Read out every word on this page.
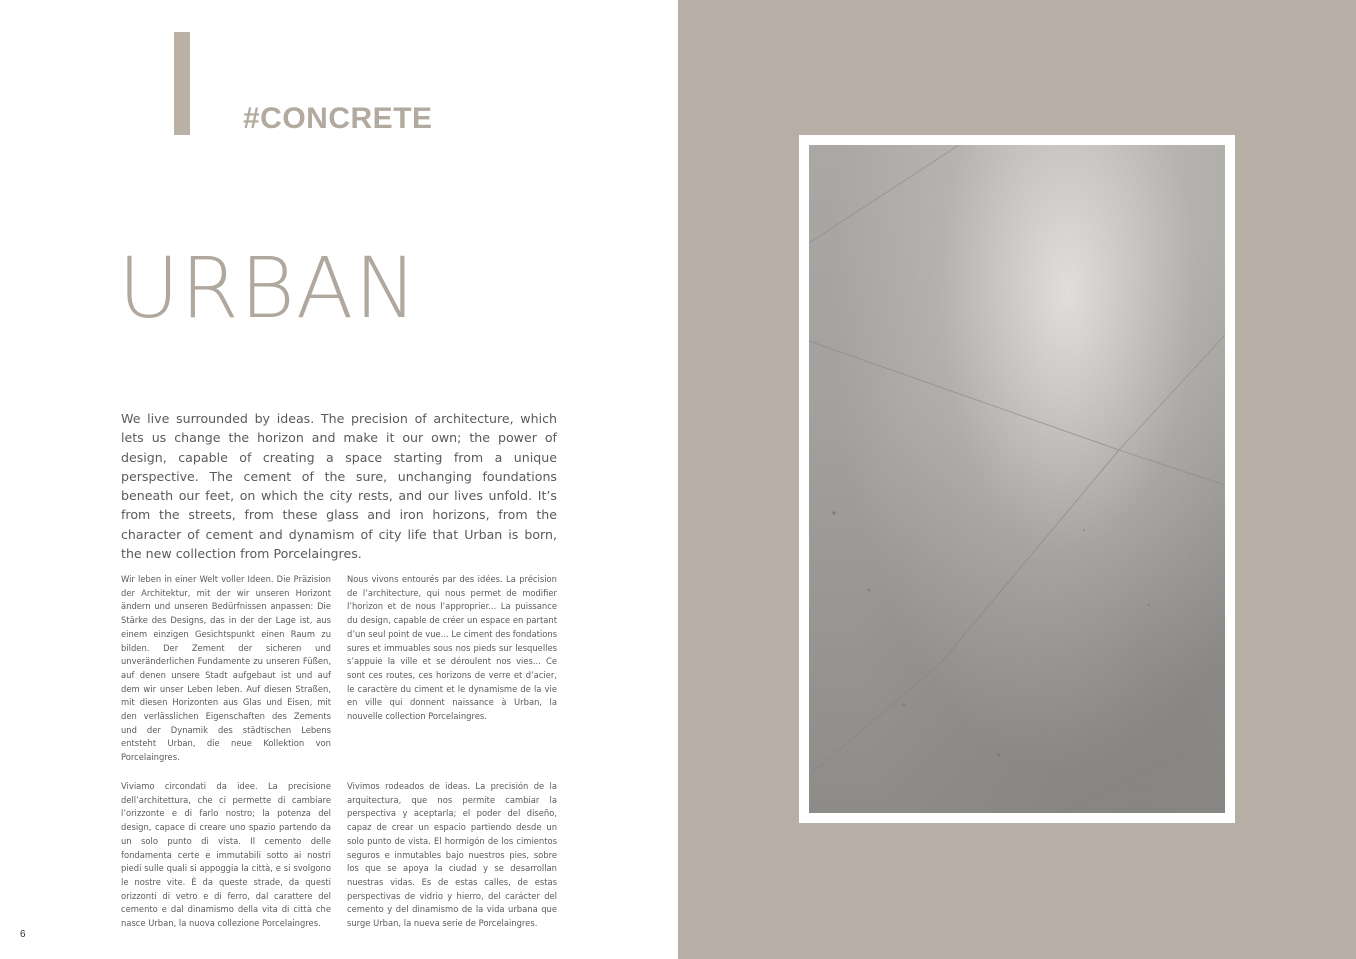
#CONCRETE
URBAN

We live surrounded by ideas. The precision of architecture, which lets us change the horizon and make it our own; the power of design, capable of creating a space starting from a unique perspective. The cement of the sure, unchanging foundations beneath our feet, on which the city rests, and our lives unfold. It’s from the streets, from these glass and iron horizons, from the character of cement and dynamism of city life that Urban is born, the new collection from Porcelaingres.

Wir leben in einer Welt voller Ideen. Die Präzision der Architektur, mit der wir unseren Horizont ändern und unseren Bedürfnissen anpassen: Die Stärke des Designs, das in der der Lage ist, aus einem einzigen Gesichtspunkt einen Raum zu bilden. Der Zement der sicheren und unveränderlichen Fundamente zu unseren Füßen, auf denen unsere Stadt aufgebaut ist und auf dem wir unser Leben leben. Auf diesen Straßen, mit diesen Horizonten aus Glas und Eisen, mit den verlässlichen Eigenschaften des Zements und der Dynamik des städtischen Lebens entsteht Urban, die neue Kollektion von Porcelaingres.

Nous vivons entourés par des idées. La précision de l’architecture, qui nous permet de modifier l’horizon et de nous l’approprier... La puissance du design, capable de créer un espace en partant d’un seul point de vue... Le ciment des fondations sures et immuables sous nos pieds sur lesquelles s’appuie la ville et se déroulent nos vies... Ce sont ces routes, ces horizons de verre et d’acier, le caractère du ciment et le dynamisme de la vie en ville qui donnent naissance à Urban, la nouvelle collection Porcelaingres.

Viviamo circondati da idee. La precisione dell’architettura, che ci permette di cambiare l’orizzonte e di farlo nostro; la potenza del design, capace di creare uno spazio partendo da un solo punto di vista. Il cemento delle fondamenta certe e immutabili sotto ai nostri piedi sulle quali si appoggia la città, e si svolgono le nostre vite. È da queste strade, da questi orizzonti di vetro e di ferro, dal carattere del cemento e dal dinamismo della vita di città che nasce Urban, la nuova collezione Porcelaingres.

Vivimos rodeados de ideas. La precisión de la arquitectura, que nos permite cambiar la perspectiva y aceptarla; el poder del diseño, capaz de crear un espacio partiendo desde un solo punto de vista. El hormigón de los cimientos seguros e inmutables bajo nuestros pies, sobre los que se apoya la ciudad y se desarrollan nuestras vidas. Es de estas calles, de estas perspectivas de vidrio y hierro, del carácter del cemento y del dinamismo de la vida urbana que surge Urban, la nueva serie de Porcelaingres.

6
